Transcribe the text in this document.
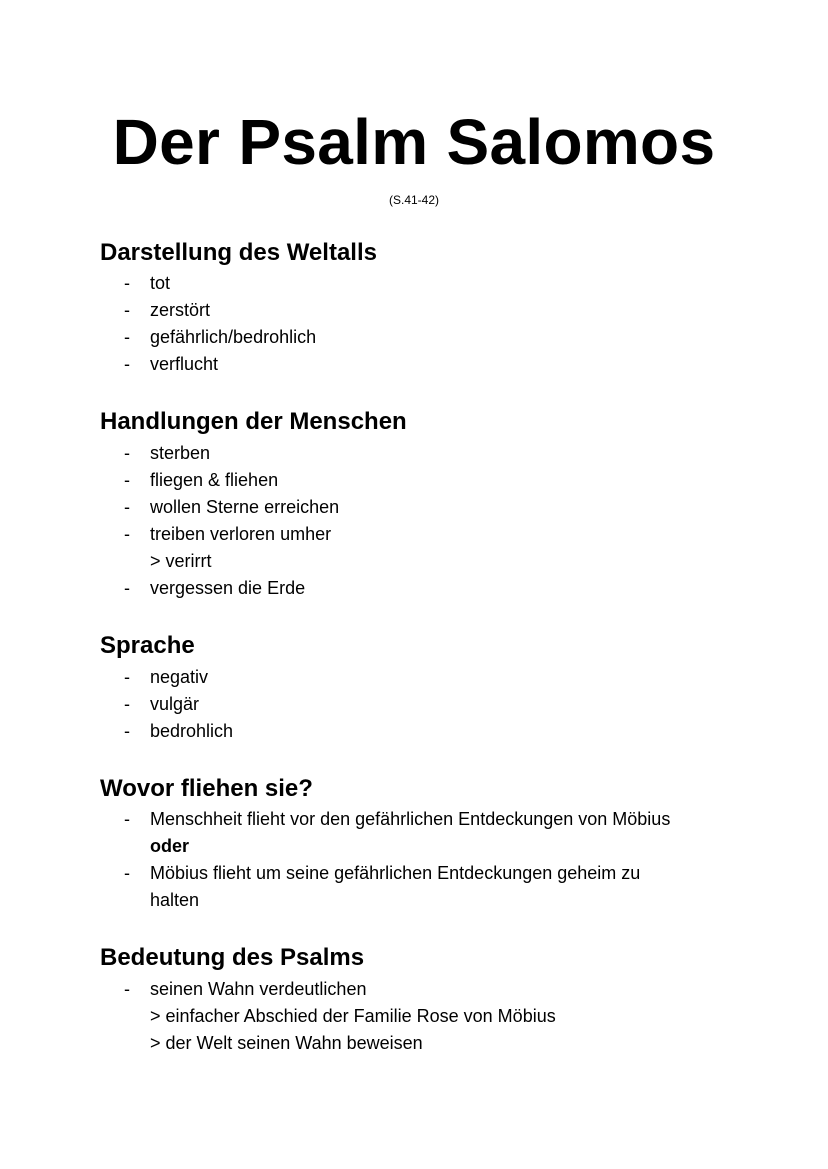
Der Psalm Salomos
(S.41-42)
Darstellung des Weltalls
- tot
- zerstört
- gefährlich/bedrohlich
- verflucht
Handlungen der Menschen
- sterben
- fliegen & fliehen
- wollen Sterne erreichen
- treiben verloren umher
> verirrt
- vergessen die Erde
Sprache
- negativ
- vulgär
- bedrohlich
Wovor fliehen sie?
- Menschheit flieht vor den gefährlichen Entdeckungen von Möbius
oder
- Möbius flieht um seine gefährlichen Entdeckungen geheim zu
halten
Bedeutung des Psalms
- seinen Wahn verdeutlichen
> einfacher Abschied der Familie Rose von Möbius
> der Welt seinen Wahn beweisen
